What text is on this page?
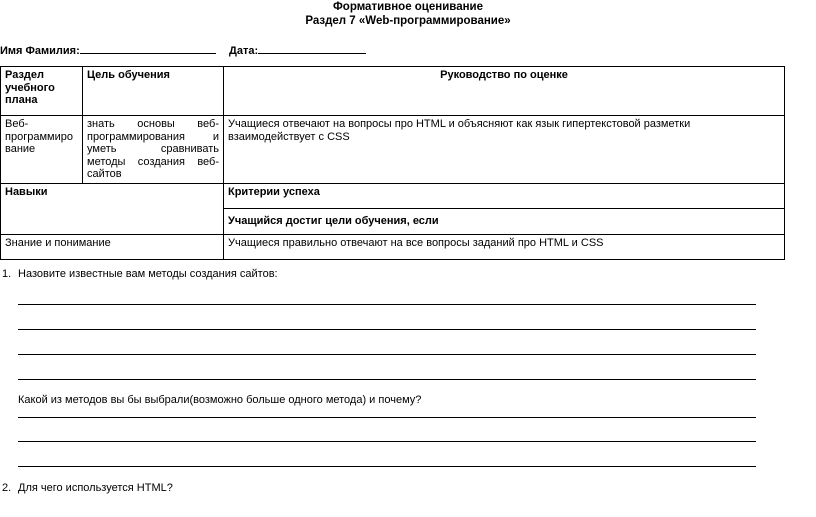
Формативное оценивание
Раздел 7 «Web-программирование»
Имя Фамилия:	Дата:
Раздел учебного плана	Цель обучения	Руководство по оценке
Веб-программиро вание	знать основы веб-программирования и уметь сравнивать методы создания веб-сайтов	Учащиеся отвечают на вопросы про HTML и объясняют как язык гипертекстовой разметки взаимодействует с CSS
Навыки		Критерии успеха
		Учащийся достиг цели обучения, если
Знание и понимание		Учащиеся правильно отвечают на все вопросы заданий про HTML и CSS
1. Назовите известные вам методы создания сайтов:
Какой из методов вы бы выбрали(возможно больше одного метода) и почему?
2. Для чего используется HTML?
